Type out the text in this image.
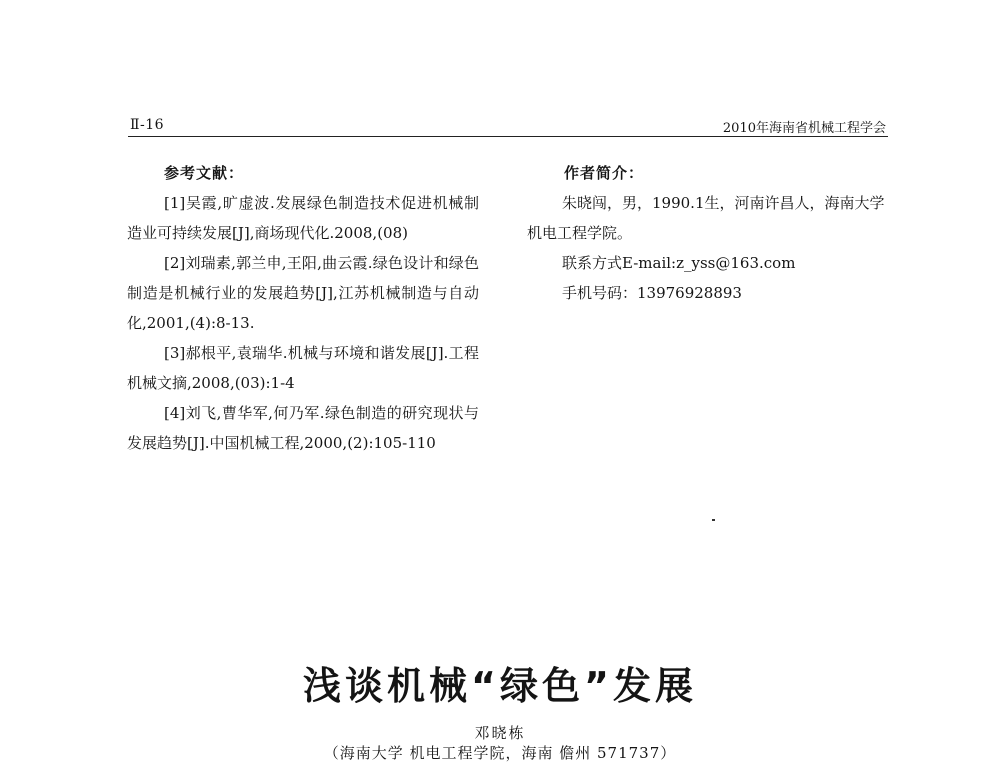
Ⅱ-16	2010年海南省机械工程学会
参考文献：
[1]吴霞,旷虚波.发展绿色制造技术促进机械制造业可持续发展[J],商场现代化.2008,(08)
[2]刘瑞素,郭兰申,王阳,曲云霞.绿色设计和绿色制造是机械行业的发展趋势[J],江苏机械制造与自动化,2001,(4):8-13.
[3]郝根平,袁瑞华.机械与环境和谐发展[J].工程机械文摘,2008,(03):1-4
[4]刘飞,曹华军,何乃军.绿色制造的研究现状与发展趋势[J].中国机械工程,2000,(2):105-110
作者简介：
朱晓闯，男，1990.1生，河南许昌人，海南大学机电工程学院。
联系方式E-mail:z_yss@163.com
手机号码：13976928893
浅谈机械“绿色”发展
邓晓栋
（海南大学 机电工程学院，海南 儋州 571737）
